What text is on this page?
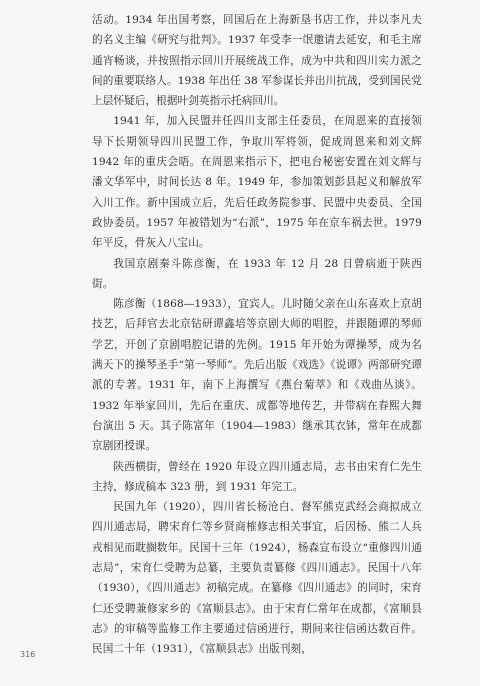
活动。1934 年出国考察，回国后在上海新垦书店工作，并以李凡夫的名义主编《研究与批判》。1937 年受李一氓邀请去延安，和毛主席通宵畅谈，并按照指示回川开展统战工作，成为中共和四川实力派之间的重要联络人。1938 年出任 38 军参谋长并出川抗战，受到国民党上层怀疑后，根据叶剑英指示托病回川。

1941 年，加入民盟并任四川支部主任委员，在周恩来的直接领导下长期领导四川民盟工作，争取川军将领，促成周恩来和刘文辉 1942 年的重庆会晤。在周恩来指示下，把电台秘密安置在刘文辉与潘文华军中，时间长达 8 年。1949 年，参加策划彭县起义和解放军入川工作。新中国成立后，先后任政务院参事、民盟中央委员、全国政协委员。1957 年被错划为“右派”，1975 年在京车祸去世。1979 年平反，骨灰入八宝山。

我国京剧秦斗陈彦衡，在 1933 年 12 月 28 日曾病逝于陕西街。

陈彦衡（1868—1933），宜宾人。儿时随父亲在山东喜欢上京胡技艺，后拜官去北京钻研谭鑫培等京剧大师的唱腔，并跟随谭的琴师学艺，开创了京剧唱腔记谱的先例。1915 年开始为谭操琴，成为名满天下的操琴圣手“第一琴师”。先后出版《戏选》《说谭》两部研究谭派的专著。1931 年，南下上海撰写《燕台菊萃》和《戏曲丛谈》。1932 年举家回川，先后在重庆、成都等地传艺，并带病在春熙大舞台演出 5 天。其子陈富年（1904—1983）继承其衣钵，常年在成都京剧团授课。

陕西横街，曾经在 1920 年设立四川通志局，志书由宋育仁先生主持，修成稿本 323 册，到 1931 年完工。

民国九年（1920），四川省长杨沧白、督军熊克武经会商拟成立四川通志局，聘宋育仁等乡贤商榷修志相关事宜，后因杨、熊二人兵戎相见而耽搁数年。民国十三年（1924），杨森宣布设立“重修四川通志局”，宋育仁受聘为总纂，主要负责纂修《四川通志》。民国十八年（1930），《四川通志》初稿完成。在纂修《四川通志》的同时，宋育仁还受聘兼修家乡的《富顺县志》。由于宋育仁常年在成都，《富顺县志》的审稿等监修工作主要通过信函进行，期间来往信函达数百件。民国二十年（1931），《富顺县志》出版刊刻，

316
